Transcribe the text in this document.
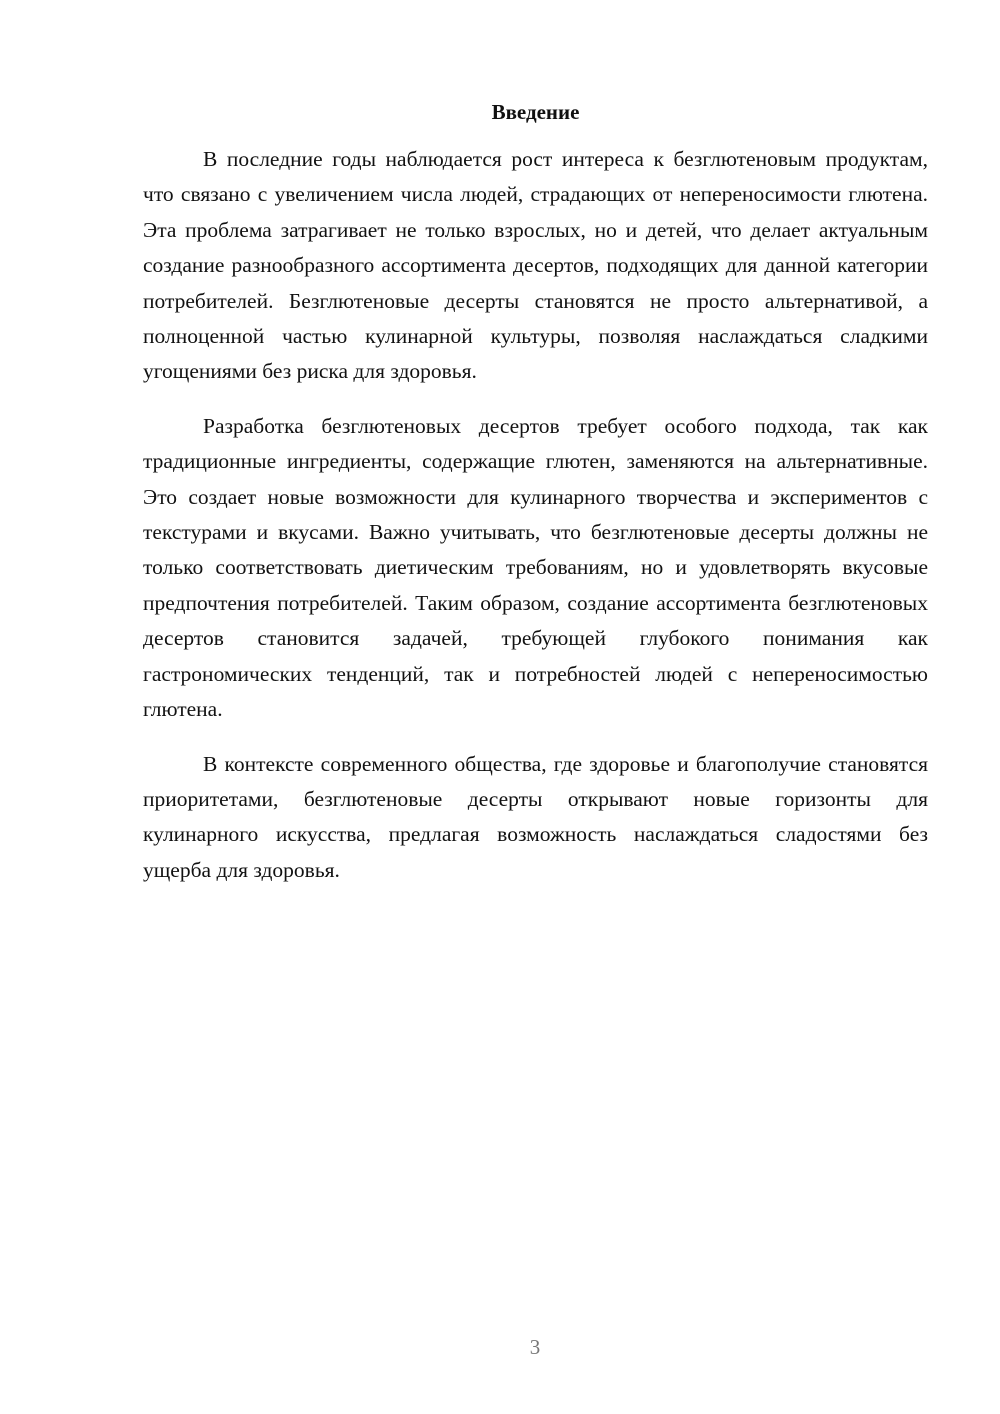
Введение

В последние годы наблюдается рост интереса к безглютеновым продуктам, что связано с увеличением числа людей, страдающих от непереносимости глютена. Эта проблема затрагивает не только взрослых, но и детей, что делает актуальным создание разнообразного ассортимента десертов, подходящих для данной категории потребителей. Безглютеновые десерты становятся не просто альтернативой, а полноценной частью кулинарной культуры, позволяя наслаждаться сладкими угощениями без риска для здоровья.

Разработка безглютеновых десертов требует особого подхода, так как традиционные ингредиенты, содержащие глютен, заменяются на альтернативные. Это создает новые возможности для кулинарного творчества и экспериментов с текстурами и вкусами. Важно учитывать, что безглютеновые десерты должны не только соответствовать диетическим требованиям, но и удовлетворять вкусовые предпочтения потребителей. Таким образом, создание ассортимента безглютеновых десертов становится задачей, требующей глубокого понимания как гастрономических тенденций, так и потребностей людей с непереносимостью глютена.

В контексте современного общества, где здоровье и благополучие становятся приоритетами, безглютеновые десерты открывают новые горизонты для кулинарного искусства, предлагая возможность наслаждаться сладостями без ущерба для здоровья.

3
